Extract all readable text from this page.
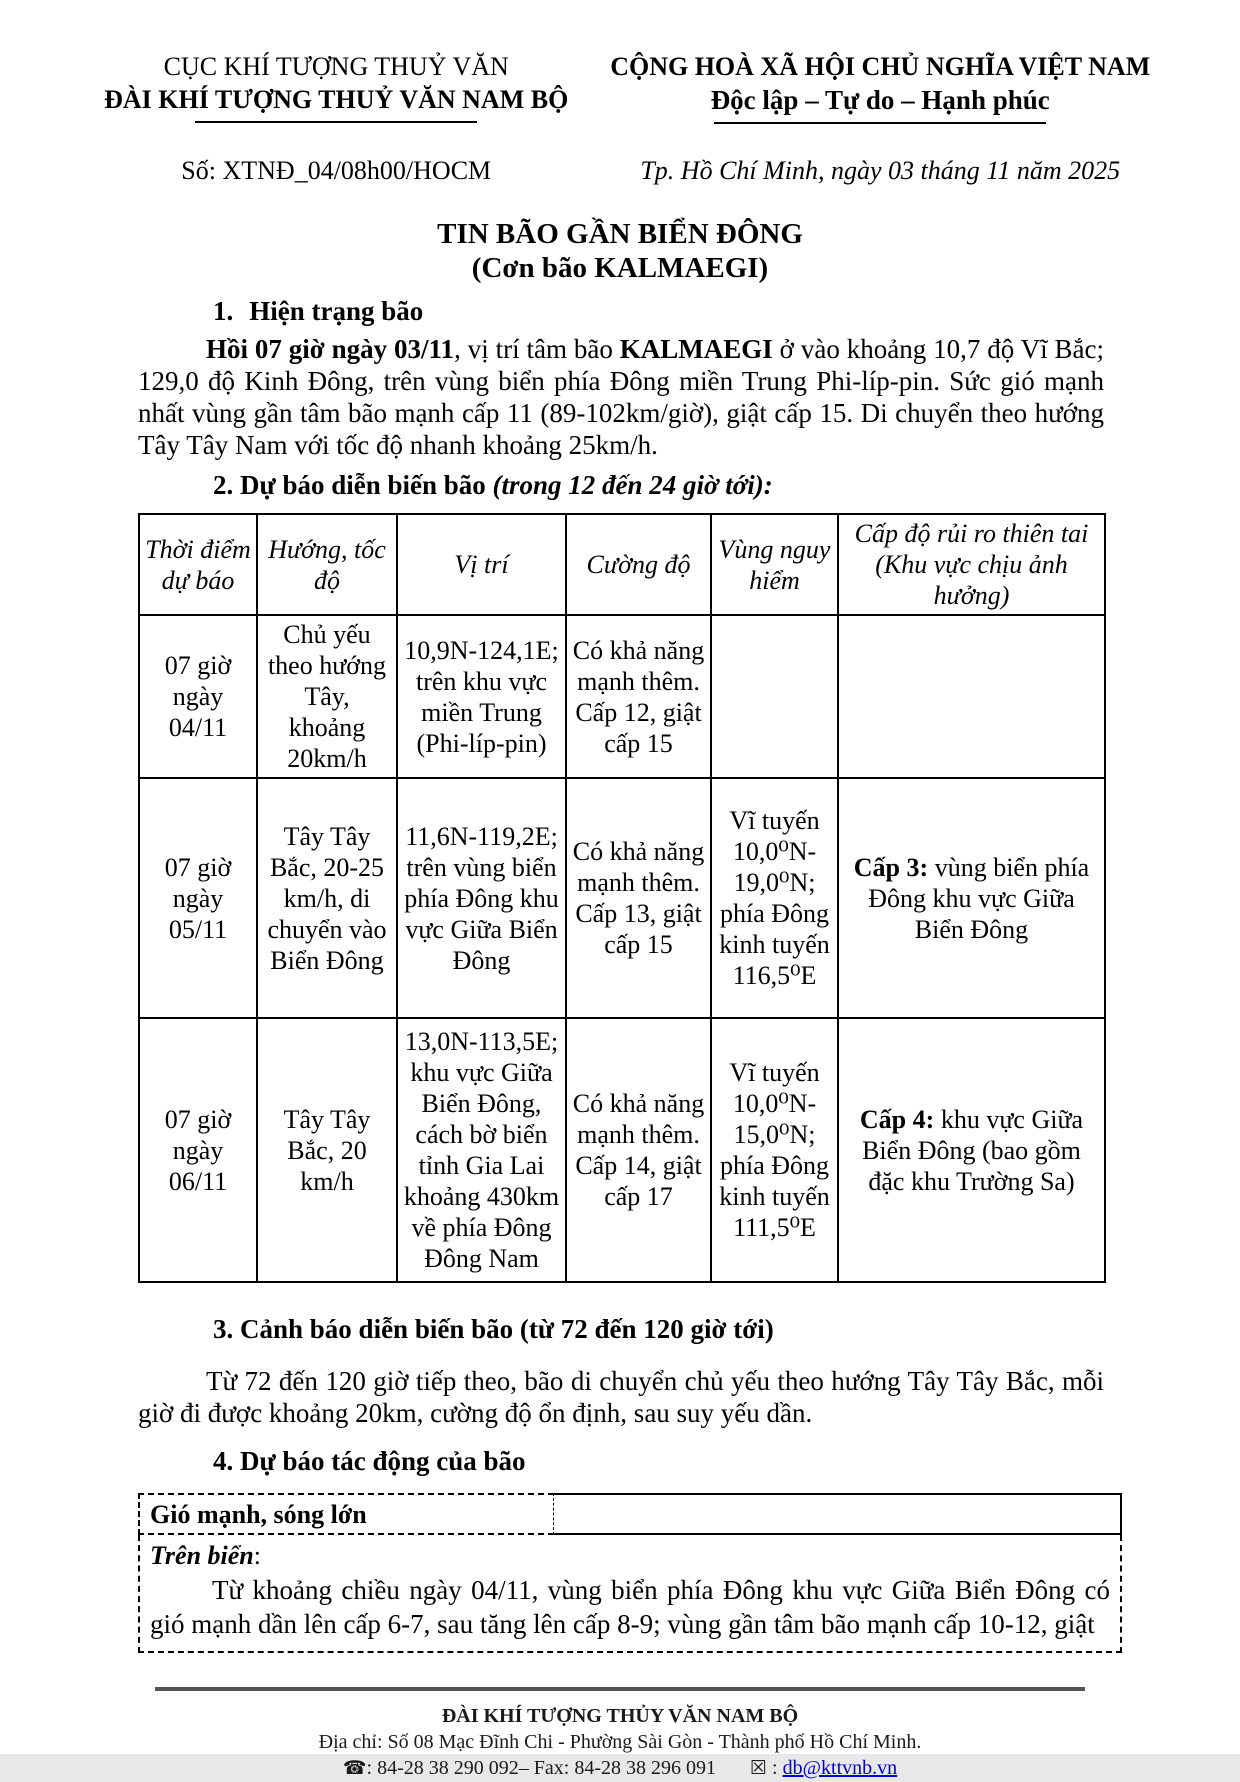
CỤC KHÍ TƯỢNG THUỶ VĂN
ĐÀI KHÍ TƯỢNG THUỶ VĂN NAM BỘ
CỘNG HOÀ XÃ HỘI CHỦ NGHĨA VIỆT NAM
Độc lập – Tự do – Hạnh phúc
Số: XTNĐ_04/08h00/HOCM	Tp. Hồ Chí Minh, ngày 03 tháng 11 năm 2025
TIN BÃO GẦN BIỂN ĐÔNG
(Cơn bão KALMAEGI)
1. Hiện trạng bão

Hồi 07 giờ ngày 03/11, vị trí tâm bão KALMAEGI ở vào khoảng 10,7 độ Vĩ Bắc; 129,0 độ Kinh Đông, trên vùng biển phía Đông miền Trung Phi-líp-pin. Sức gió mạnh nhất vùng gần tâm bão mạnh cấp 11 (89-102km/giờ), giật cấp 15. Di chuyển theo hướng Tây Tây Nam với tốc độ nhanh khoảng 25km/h.

2. Dự báo diễn biến bão (trong 12 đến 24 giờ tới):
Thời điểm dự báo	Hướng, tốc độ	Vị trí	Cường độ	Vùng nguy hiểm	Cấp độ rủi ro thiên tai (Khu vực chịu ảnh hưởng)
07 giờ ngày 04/11	Chủ yếu theo hướng Tây, khoảng 20km/h	10,9N-124,1E; trên khu vực miền Trung (Phi-líp-pin)	Có khả năng mạnh thêm. Cấp 12, giật cấp 15		
07 giờ ngày 05/11	Tây Tây Bắc, 20-25 km/h, di chuyển vào Biển Đông	11,6N-119,2E; trên vùng biển phía Đông khu vực Giữa Biển Đông	Có khả năng mạnh thêm. Cấp 13, giật cấp 15	Vĩ tuyến 10,0⁰N-19,0⁰N; phía Đông kinh tuyến 116,5⁰E	Cấp 3: vùng biển phía Đông khu vực Giữa Biển Đông
07 giờ ngày 06/11	Tây Tây Bắc, 20 km/h	13,0N-113,5E; khu vực Giữa Biển Đông, cách bờ biển tỉnh Gia Lai khoảng 430km về phía Đông Đông Nam	Có khả năng mạnh thêm. Cấp 14, giật cấp 17	Vĩ tuyến 10,0⁰N-15,0⁰N; phía Đông kinh tuyến 111,5⁰E	Cấp 4: khu vực Giữa Biển Đông (bao gồm đặc khu Trường Sa)
3. Cảnh báo diễn biến bão (từ 72 đến 120 giờ tới)

Từ 72 đến 120 giờ tiếp theo, bão di chuyển chủ yếu theo hướng Tây Tây Bắc, mỗi giờ đi được khoảng 20km, cường độ ổn định, sau suy yếu dần.

4. Dự báo tác động của bão
Gió mạnh, sóng lớn
Trên biển:

Từ khoảng chiều ngày 04/11, vùng biển phía Đông khu vực Giữa Biển Đông có gió mạnh dần lên cấp 6-7, sau tăng lên cấp 8-9; vùng gần tâm bão mạnh cấp 10-12, giật

ĐÀI KHÍ TƯỢNG THỦY VĂN NAM BỘ
Địa chỉ: Số 08 Mạc Đĩnh Chi - Phường Sài Gòn - Thành phố Hồ Chí Minh.
☎: 84-28 38 290 092– Fax: 84-28 38 296 091 ☒ : db@kttvnb.vn
